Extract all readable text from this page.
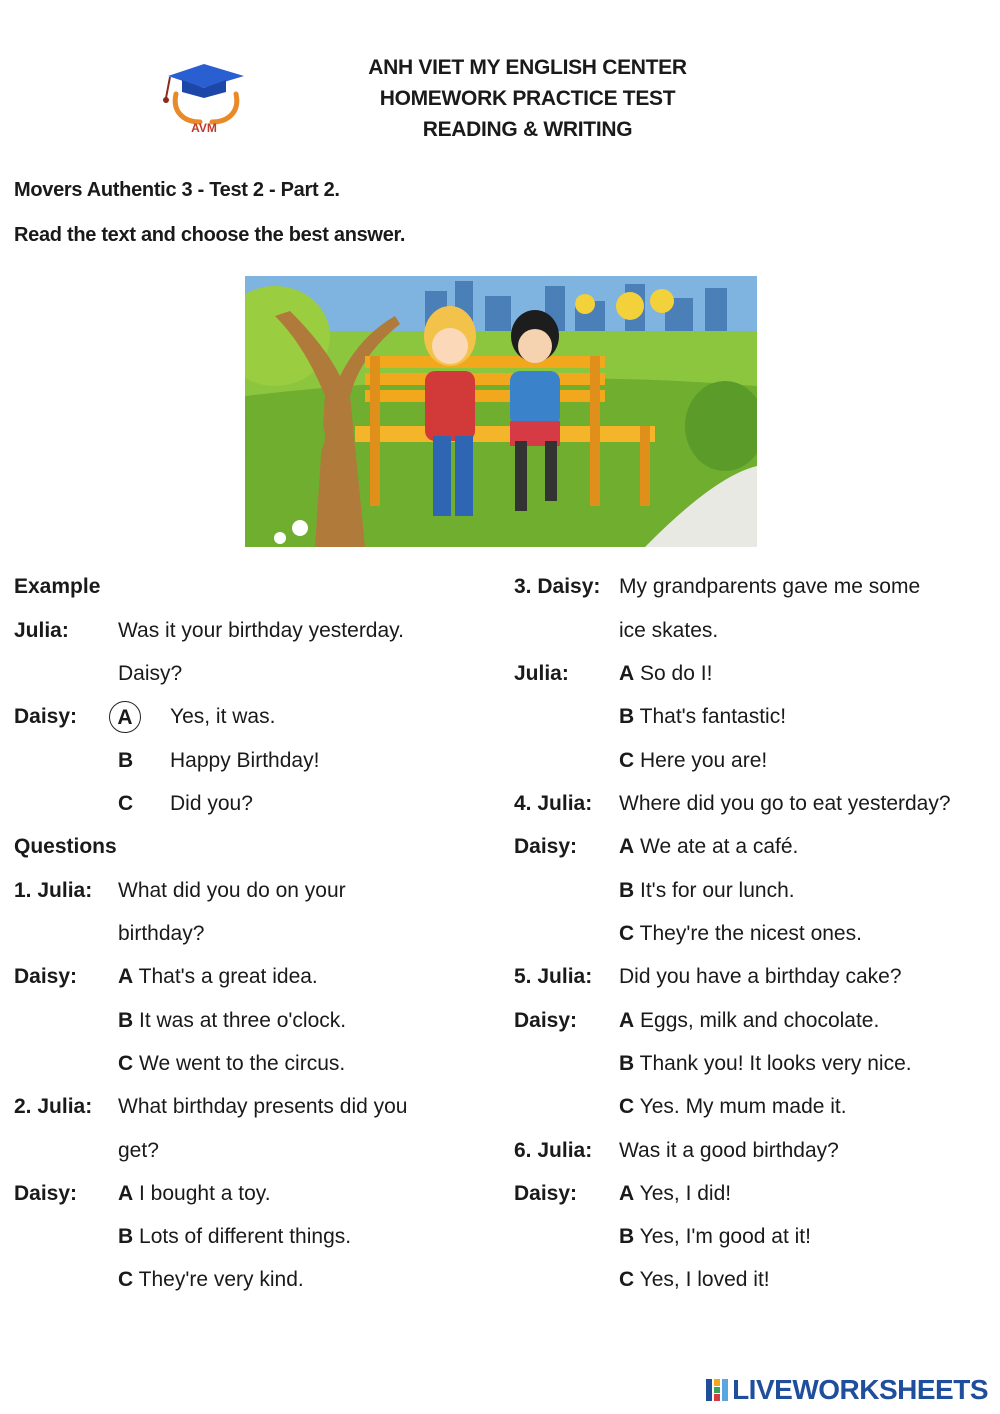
AVM
ANH VIET MY ENGLISH CENTER
HOMEWORK PRACTICE TEST
READING & WRITING
Movers Authentic 3 - Test 2 - Part 2.
Read the text and choose the best answer.
Example
Julia: Was it your birthday yesterday.
Daisy?
Daisy:	A	Yes, it was.
B Happy Birthday!
C Did you?
Questions
1. Julia: What did you do on your
birthday?
Daisy: A That's a great idea.
B It was at three o'clock.
C We went to the circus.
2. Julia: What birthday presents did you
get?
Daisy: A I bought a toy.
B Lots of different things.
C They're very kind.
3. Daisy: My grandparents gave me some
ice skates.
Julia: A So do I!
B That's fantastic!
C Here you are!
4. Julia: Where did you go to eat yesterday?
Daisy: A We ate at a café.
B It's for our lunch.
C They're the nicest ones.
5. Julia: Did you have a birthday cake?
Daisy: A Eggs, milk and chocolate.
B Thank you! It looks very nice.
C Yes. My mum made it.
6. Julia: Was it a good birthday?
Daisy: A Yes, I did!
B Yes, I'm good at it!
C Yes, I loved it!
LIVEWORKSHEETS
